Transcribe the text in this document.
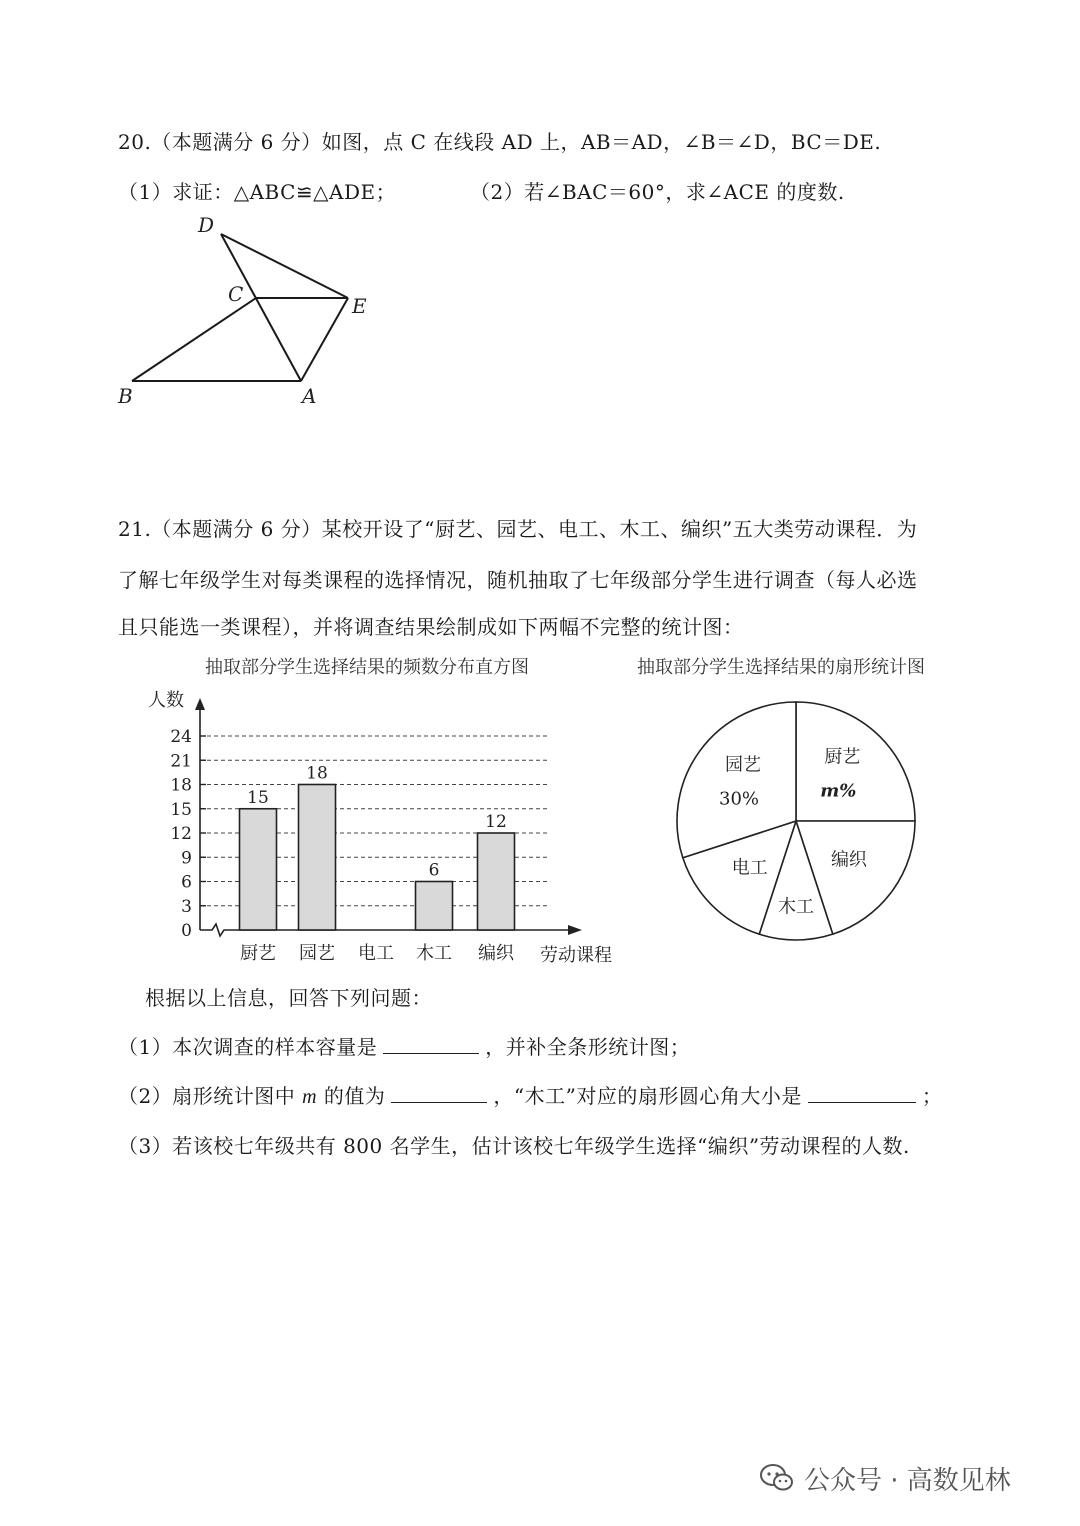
20.（本题满分 6 分）如图，点 C 在线段 AD 上，AB＝AD，∠B＝∠D，BC＝DE.
（1）求证：△ABC≌△ADE；	（2）若∠BAC＝60°，求∠ACE 的度数.
D
C	E
B	A
21.（本题满分 6 分）某校开设了“厨艺、园艺、电工、木工、编织”五大类劳动课程．为
了解七年级学生对每类课程的选择情况，随机抽取了七年级部分学生进行调查（每人必选
且只能选一类课程），并将调查结果绘制成如下两幅不完整的统计图：
抽取部分学生选择结果的频数分布直方图	抽取部分学生选择结果的扇形统计图
0
3
6
9
12
15
18
21
24
15
18
6
12
厨艺 园艺 电工 木工 编织
人数
劳动课程
厨艺
m%
编织
木工
电工
园艺
30%
根据以上信息，回答下列问题：
（1）本次调查的样本容量是	，并补全条形统计图；
（2）扇形统计图中 m 的值为	，“木工”对应的扇形圆心角大小是	；
（3）若该校七年级共有 800 名学生，估计该校七年级学生选择“编织”劳动课程的人数.
公众号 · 高数见林
